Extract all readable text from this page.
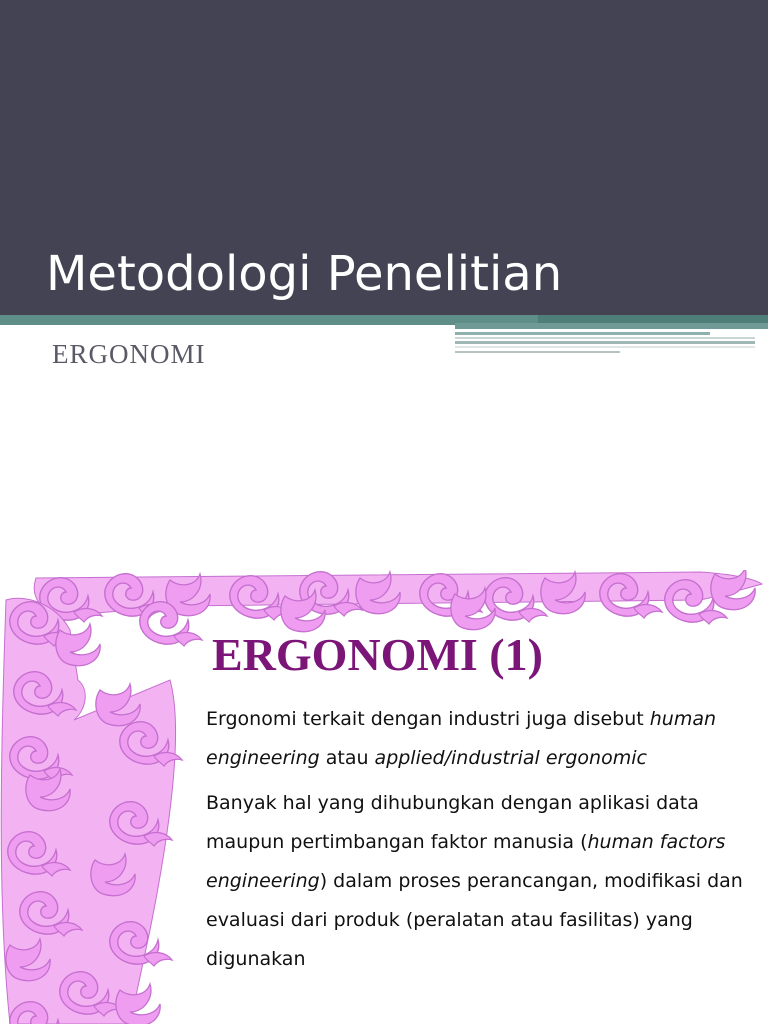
Metodologi Penelitian

ERGONOMI

ERGONOMI (1)

Ergonomi terkait dengan industri juga disebut human engineering atau applied/industrial ergonomic

Banyak hal yang dihubungkan dengan aplikasi data maupun pertimbangan faktor manusia (human factors engineering) dalam proses perancangan, modifikasi dan evaluasi dari produk (peralatan atau fasilitas) yang digunakan
